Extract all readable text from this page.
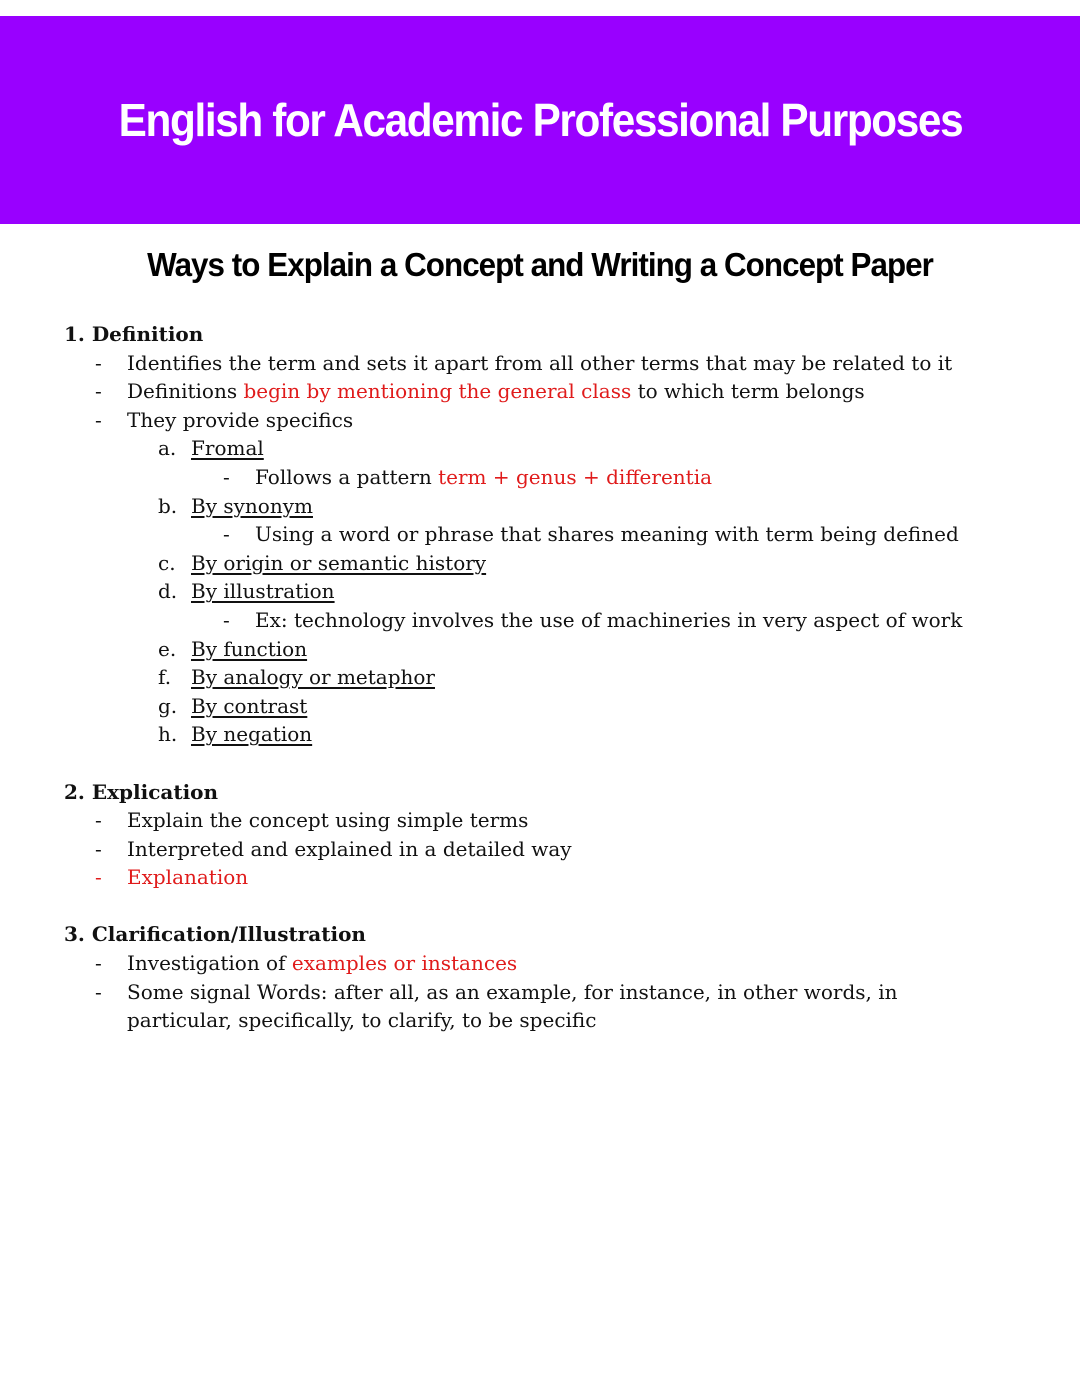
English for Academic Professional Purposes
Ways to Explain a Concept and Writing a Concept Paper
1. Definition
- Identifies the term and sets it apart from all other terms that may be related to it
- Definitions begin by mentioning the general class to which term belongs
- They provide specifics
a. Fromal
- Follows a pattern term + genus + differentia
b. By synonym
- Using a word or phrase that shares meaning with term being defined
c. By origin or semantic history
d. By illustration
- Ex: technology involves the use of machineries in very aspect of work
e. By function
f. By analogy or metaphor
g. By contrast
h. By negation
2. Explication
- Explain the concept using simple terms
- Interpreted and explained in a detailed way
- Explanation
3. Clarification/Illustration
- Investigation of examples or instances
- Some signal Words: after all, as an example, for instance, in other words, in
particular, specifically, to clarify, to be specific
